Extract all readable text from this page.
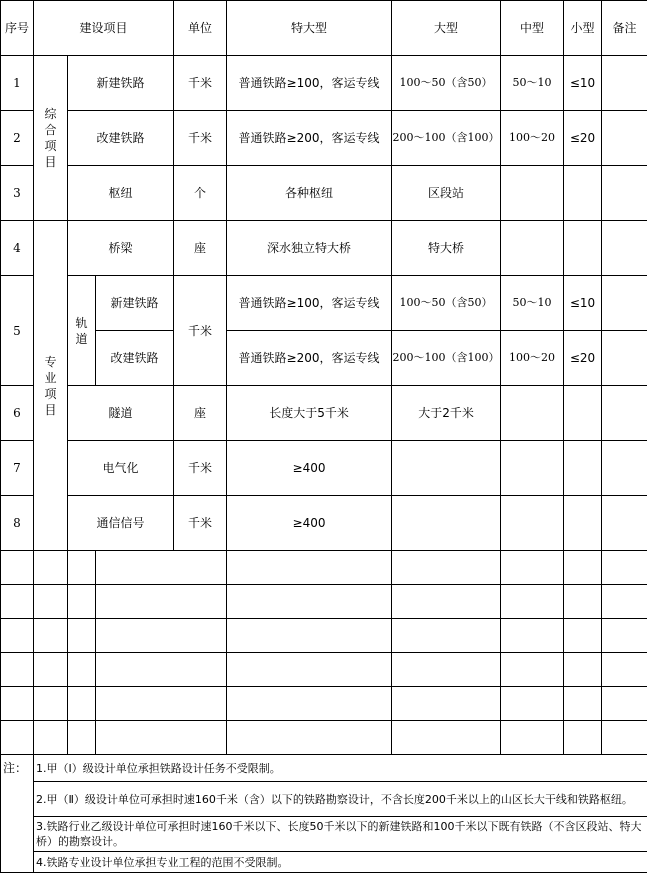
序号	建设项目			单位	特大型	大型	中型	小型	备注
1	综合项目	新建铁路		千米	普通铁路≥100，客运专线	100～50（含50）	50～10	≤10	
2		改建铁路		千米	普通铁路≥200，客运专线	200～100（含100）	100～20	≤20	
3		枢纽		个	各种枢纽	区段站			
4	专业项目	桥梁		座	深水独立特大桥	特大桥			
5		轨道	新建铁路	千米	普通铁路≥100，客运专线	100～50（含50）	50～10	≤10	
			改建铁路		普通铁路≥200，客运专线	200～100（含100）	100～20	≤20	
6		隧道		座	长度大于5千米	大于2千米			
7		电气化		千米	≥400				
8		通信信号		千米	≥400				

注：	1.甲（Ⅰ）级设计单位承担铁路设计任务不受限制。								
	2.甲（Ⅱ）级设计单位可承担时速160千米（含）以下的铁路勘察设计，不含长度200千米以上的山区长大干线和铁路枢纽。								
	3.铁路行业乙级设计单位可承担时速160千米以下、长度50千米以下的新建铁路和100千米以下既有铁路（不含区段站、特大桥）的勘察设计。								
	4.铁路专业设计单位承担专业工程的范围不受限制。								
